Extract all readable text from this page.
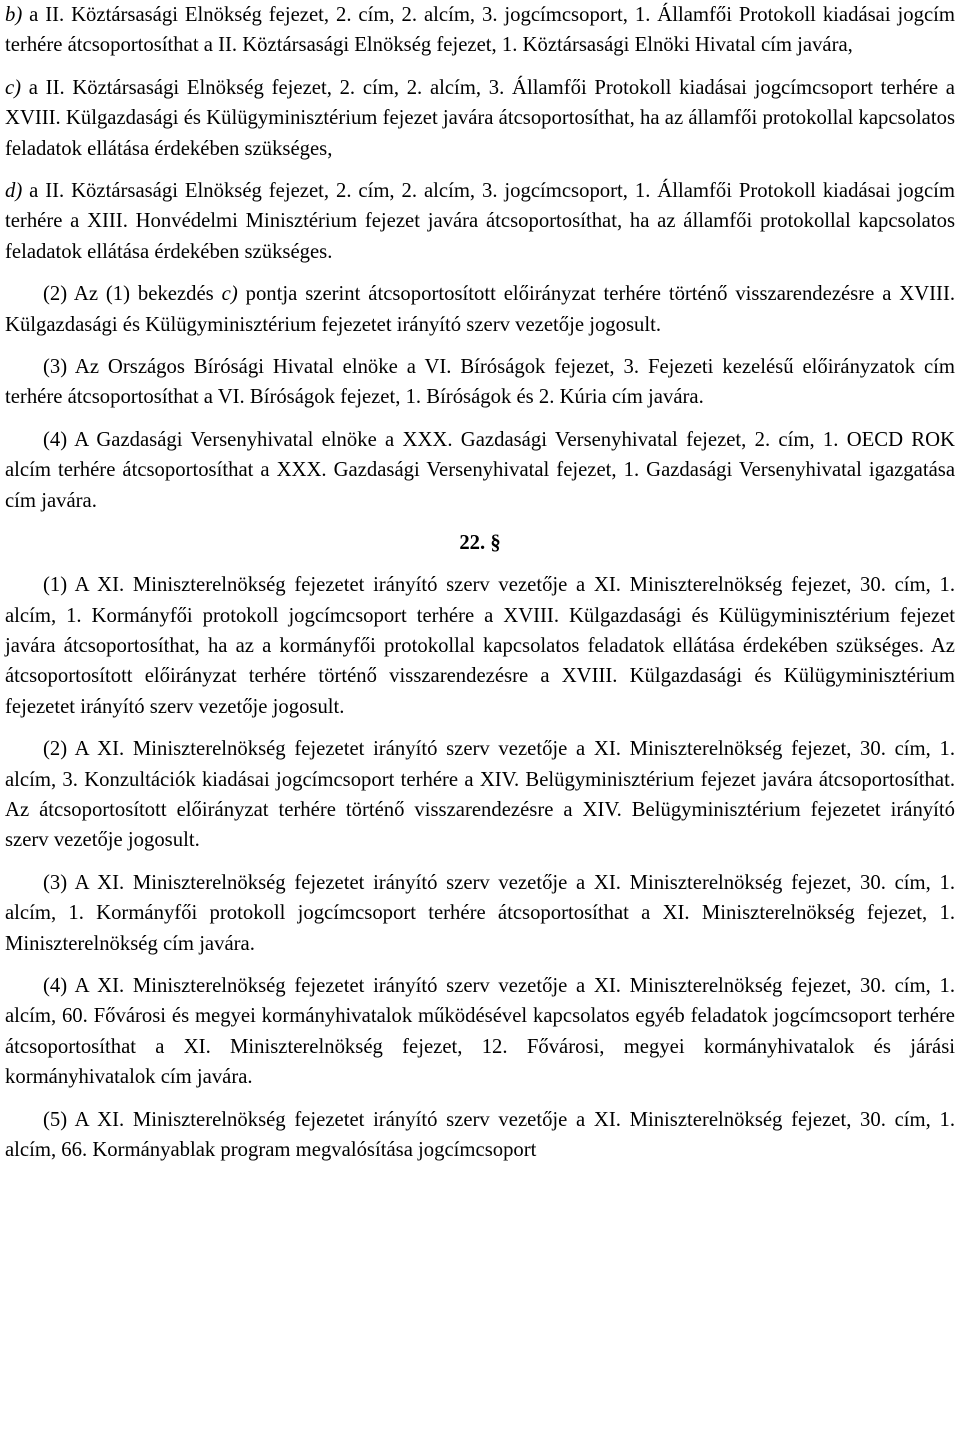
b) a II. Köztársasági Elnökség fejezet, 2. cím, 2. alcím, 3. jogcímcsoport, 1. Államfői Protokoll kiadásai jogcím terhére átcsoportosíthat a II. Köztársasági Elnökség fejezet, 1. Köztársasági Elnöki Hivatal cím javára,

c) a II. Köztársasági Elnökség fejezet, 2. cím, 2. alcím, 3. Államfői Protokoll kiadásai jogcímcsoport terhére a XVIII. Külgazdasági és Külügyminisztérium fejezet javára átcsoportosíthat, ha az államfői protokollal kapcsolatos feladatok ellátása érdekében szükséges,

d) a II. Köztársasági Elnökség fejezet, 2. cím, 2. alcím, 3. jogcímcsoport, 1. Államfői Protokoll kiadásai jogcím terhére a XIII. Honvédelmi Minisztérium fejezet javára átcsoportosíthat, ha az államfői protokollal kapcsolatos feladatok ellátása érdekében szükséges.

(2) Az (1) bekezdés c) pontja szerint átcsoportosított előirányzat terhére történő visszarendezésre a XVIII. Külgazdasági és Külügyminisztérium fejezetet irányító szerv vezetője jogosult.

(3) Az Országos Bírósági Hivatal elnöke a VI. Bíróságok fejezet, 3. Fejezeti kezelésű előirányzatok cím terhére átcsoportosíthat a VI. Bíróságok fejezet, 1. Bíróságok és 2. Kúria cím javára.

(4) A Gazdasági Versenyhivatal elnöke a XXX. Gazdasági Versenyhivatal fejezet, 2. cím, 1. OECD ROK alcím terhére átcsoportosíthat a XXX. Gazdasági Versenyhivatal fejezet, 1. Gazdasági Versenyhivatal igazgatása cím javára.

22. §

(1) A XI. Miniszterelnökség fejezetet irányító szerv vezetője a XI. Miniszterelnökség fejezet, 30. cím, 1. alcím, 1. Kormányfői protokoll jogcímcsoport terhére a XVIII. Külgazdasági és Külügyminisztérium fejezet javára átcsoportosíthat, ha az a kormányfői protokollal kapcsolatos feladatok ellátása érdekében szükséges. Az átcsoportosított előirányzat terhére történő visszarendezésre a XVIII. Külgazdasági és Külügyminisztérium fejezetet irányító szerv vezetője jogosult.

(2) A XI. Miniszterelnökség fejezetet irányító szerv vezetője a XI. Miniszterelnökség fejezet, 30. cím, 1. alcím, 3. Konzultációk kiadásai jogcímcsoport terhére a XIV. Belügyminisztérium fejezet javára átcsoportosíthat. Az átcsoportosított előirányzat terhére történő visszarendezésre a XIV. Belügyminisztérium fejezetet irányító szerv vezetője jogosult.

(3) A XI. Miniszterelnökség fejezetet irányító szerv vezetője a XI. Miniszterelnökség fejezet, 30. cím, 1. alcím, 1. Kormányfői protokoll jogcímcsoport terhére átcsoportosíthat a XI. Miniszterelnökség fejezet, 1. Miniszterelnökség cím javára.

(4) A XI. Miniszterelnökség fejezetet irányító szerv vezetője a XI. Miniszterelnökség fejezet, 30. cím, 1. alcím, 60. Fővárosi és megyei kormányhivatalok működésével kapcsolatos egyéb feladatok jogcímcsoport terhére átcsoportosíthat a XI. Miniszterelnökség fejezet, 12. Fővárosi, megyei kormányhivatalok és járási kormányhivatalok cím javára.

(5) A XI. Miniszterelnökség fejezetet irányító szerv vezetője a XI. Miniszterelnökség fejezet, 30. cím, 1. alcím, 66. Kormányablak program megvalósítása jogcímcsoport
